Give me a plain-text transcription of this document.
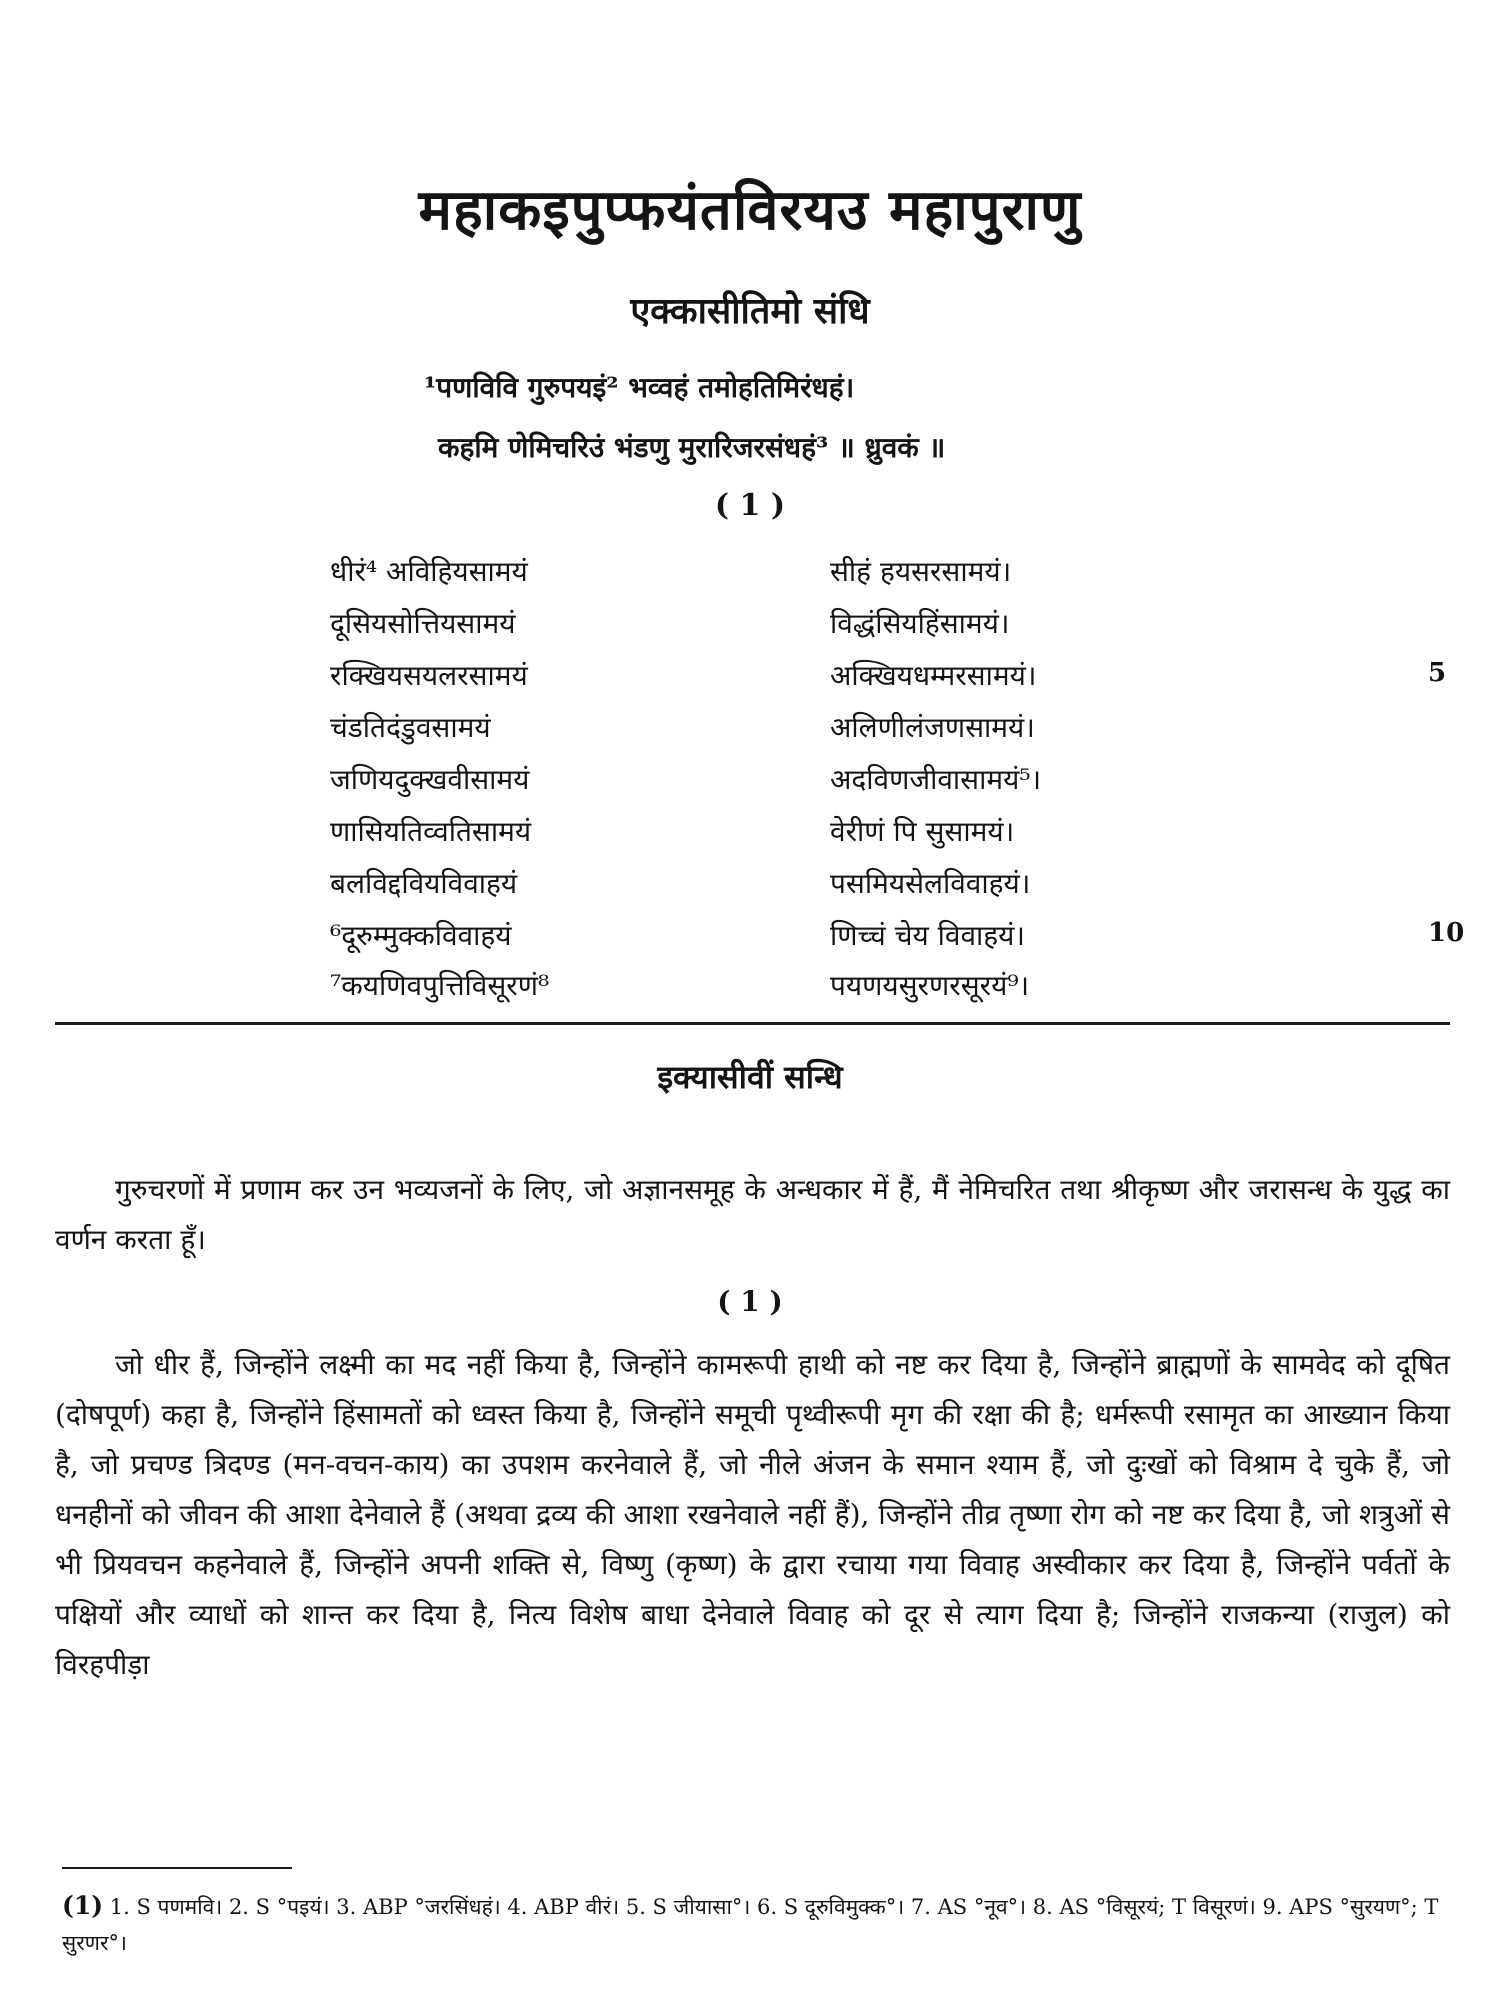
महाकइपुप्फयंतविरयउ महापुराणु
एक्कासीतिमो संधि
¹पणविवि गुरुपयइं² भव्वहं तमोहतिमिरंधहं।
कहमि णेमिचरिउं भंडणु मुरारिजरसंधहं³ ॥ ध्रुवकं ॥
( 1 )
धीरं⁴ अविहियसामयं	सीहं हयसरसामयं।
दूसियसोत्तियसामयं	विद्धंसियहिंसामयं।
रक्खियसयलरसामयं	अक्खियधम्मरसामयं।	5
चंडतिदंडुवसामयं	अलिणीलंजणसामयं।
जणियदुक्खवीसामयं	अदविणजीवासामयं⁵।
णासियतिव्वतिसामयं	वेरीणं पि सुसामयं।
बलविद्दवियविवाहयं	पसमियसेलविवाहयं।
⁶दूरुम्मुक्कविवाहयं	णिच्चं चेय विवाहयं।	10
⁷कयणिवपुत्तिविसूरणं⁸	पयणयसुरणरसूरयं⁹।
इक्यासीवीं सन्धि
गुरुचरणों में प्रणाम कर उन भव्यजनों के लिए, जो अज्ञानसमूह के अन्धकार में हैं, मैं नेमिचरित तथा श्रीकृष्ण और जरासन्ध के युद्ध का वर्णन करता हूँ।
( 1 )
जो धीर हैं, जिन्होंने लक्ष्मी का मद नहीं किया है, जिन्होंने कामरूपी हाथी को नष्ट कर दिया है, जिन्होंने ब्राह्मणों के सामवेद को दूषित (दोषपूर्ण) कहा है, जिन्होंने हिंसामतों को ध्वस्त किया है, जिन्होंने समूची पृथ्वीरूपी मृग की रक्षा की है; धर्मरूपी रसामृत का आख्यान किया है, जो प्रचण्ड त्रिदण्ड (मन-वचन-काय) का उपशम करनेवाले हैं, जो नीले अंजन के समान श्याम हैं, जो दुःखों को विश्राम दे चुके हैं, जो धनहीनों को जीवन की आशा देनेवाले हैं (अथवा द्रव्य की आशा रखनेवाले नहीं हैं), जिन्होंने तीव्र तृष्णा रोग को नष्ट कर दिया है, जो शत्रुओं से भी प्रियवचन कहनेवाले हैं, जिन्होंने अपनी शक्ति से, विष्णु (कृष्ण) के द्वारा रचाया गया विवाह अस्वीकार कर दिया है, जिन्होंने पर्वतों के पक्षियों और व्याधों को शान्त कर दिया है, नित्य विशेष बाधा देनेवाले विवाह को दूर से त्याग दिया है; जिन्होंने राजकन्या (राजुल) को विरहपीड़ा
(1) 1. S पणमवि। 2. S °पइयं। 3. ABP °जरसिंधहं। 4. ABP वीरं। 5. S जीयासा°। 6. S दूरुविमुक्क°। 7. AS °नूव°। 8. AS °विसूरयं; T विसूरणं। 9. APS °सुरयण°; T सुरणर°।
